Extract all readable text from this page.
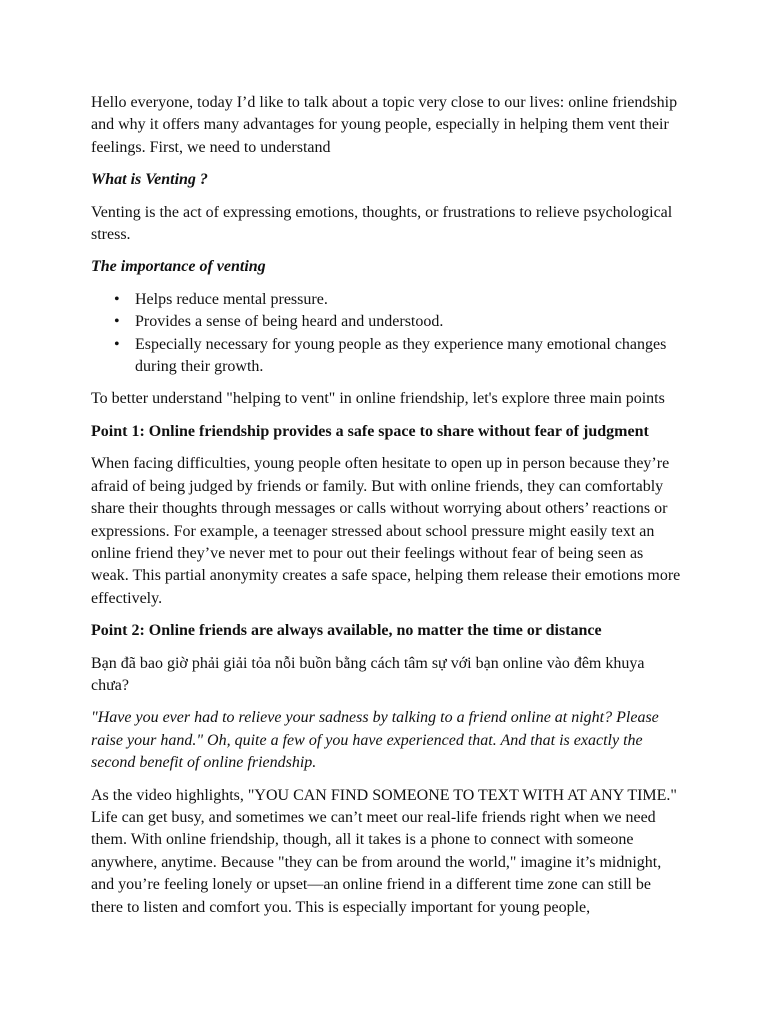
Hello everyone, today I’d like to talk about a topic very close to our lives: online friendship and why it offers many advantages for young people, especially in helping them vent their feelings. First, we need to understand

What is Venting ?

Venting is the act of expressing emotions, thoughts, or frustrations to relieve psychological stress.

The importance of venting

• Helps reduce mental pressure.
• Provides a sense of being heard and understood.
• Especially necessary for young people as they experience many emotional changes during their growth.

To better understand "helping to vent" in online friendship, let's explore three main points

Point 1: Online friendship provides a safe space to share without fear of judgment

When facing difficulties, young people often hesitate to open up in person because they’re afraid of being judged by friends or family. But with online friends, they can comfortably share their thoughts through messages or calls without worrying about others’ reactions or expressions. For example, a teenager stressed about school pressure might easily text an online friend they’ve never met to pour out their feelings without fear of being seen as weak. This partial anonymity creates a safe space, helping them release their emotions more effectively.

Point 2: Online friends are always available, no matter the time or distance

Bạn đã bao giờ phải giải tỏa nỗi buồn bằng cách tâm sự với bạn online vào đêm khuya chưa?

"Have you ever had to relieve your sadness by talking to a friend online at night? Please raise your hand." Oh, quite a few of you have experienced that. And that is exactly the second benefit of online friendship.

As the video highlights, "YOU CAN FIND SOMEONE TO TEXT WITH AT ANY TIME." Life can get busy, and sometimes we can’t meet our real-life friends right when we need them. With online friendship, though, all it takes is a phone to connect with someone anywhere, anytime. Because "they can be from around the world," imagine it’s midnight, and you’re feeling lonely or upset—an online friend in a different time zone can still be there to listen and comfort you. This is especially important for young people,
